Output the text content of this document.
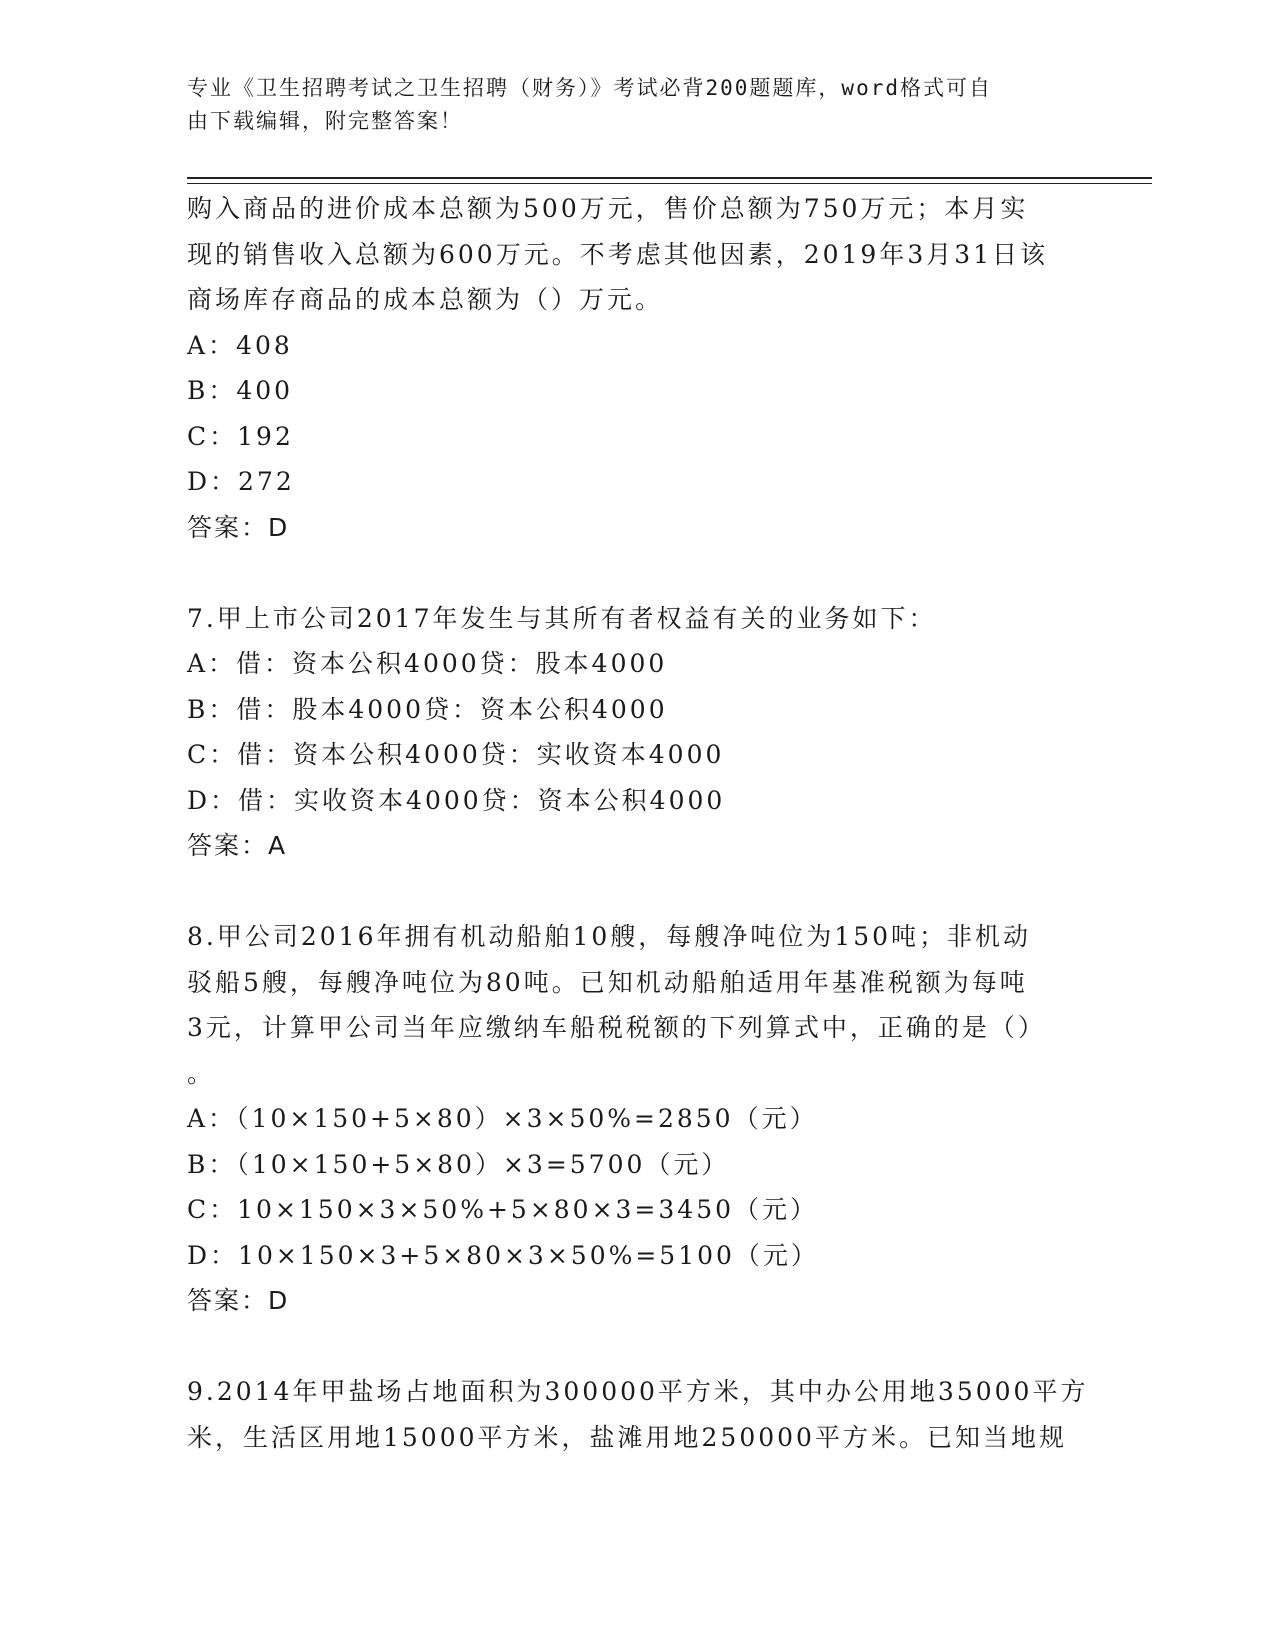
专业《卫生招聘考试之卫生招聘（财务）》考试必背200题题库，word格式可自
由下载编辑，附完整答案！
购入商品的进价成本总额为500万元，售价总额为750万元；本月实
现的销售收入总额为600万元。不考虑其他因素，2019年3月31日该
商场库存商品的成本总额为（）万元。
A：408
B：400
C：192
D：272
答案：D
7.甲上市公司2017年发生与其所有者权益有关的业务如下：
A：借：资本公积4000贷：股本4000
B：借：股本4000贷：资本公积4000
C：借：资本公积4000贷：实收资本4000
D：借：实收资本4000贷：资本公积4000
答案：A
8.甲公司2016年拥有机动船舶10艘，每艘净吨位为150吨；非机动
驳船5艘，每艘净吨位为80吨。已知机动船舶适用年基准税额为每吨
3元，计算甲公司当年应缴纳车船税税额的下列算式中，正确的是（）
。
A：（10×150+5×80）×3×50%=2850（元）
B：（10×150+5×80）×3=5700（元）
C：10×150×3×50%+5×80×3=3450（元）
D：10×150×3+5×80×3×50%=5100（元）
答案：D
9.2014年甲盐场占地面积为300000平方米，其中办公用地35000平方
米，生活区用地15000平方米，盐滩用地250000平方米。已知当地规
